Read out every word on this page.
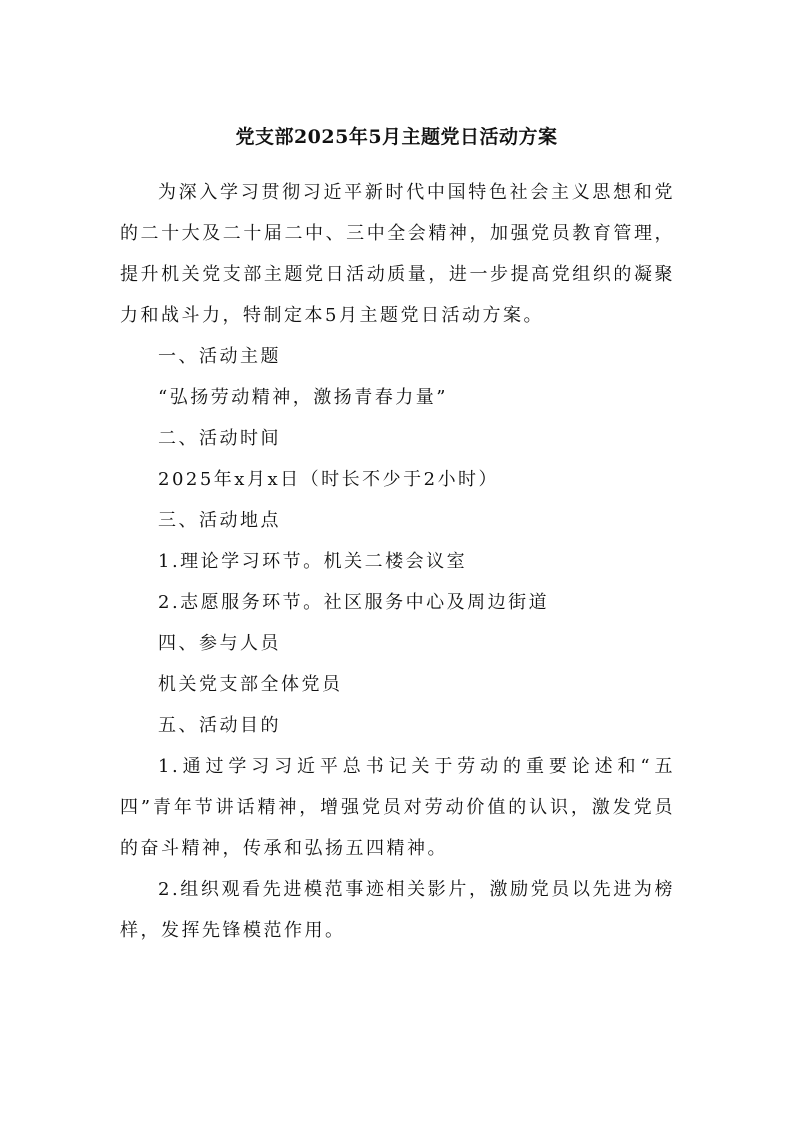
党支部2025年5月主题党日活动方案

为深入学习贯彻习近平新时代中国特色社会主义思想和党的二十大及二十届二中、三中全会精神，加强党员教育管理，提升机关党支部主题党日活动质量，进一步提高党组织的凝聚力和战斗力，特制定本5月主题党日活动方案。

一、活动主题

“弘扬劳动精神，激扬青春力量”

二、活动时间

2025年x月x日（时长不少于2小时）

三、活动地点

1.理论学习环节。机关二楼会议室

2.志愿服务环节。社区服务中心及周边街道

四、参与人员

机关党支部全体党员

五、活动目的

1.通过学习习近平总书记关于劳动的重要论述和“五四”青年节讲话精神，增强党员对劳动价值的认识，激发党员的奋斗精神，传承和弘扬五四精神。

2.组织观看先进模范事迹相关影片，激励党员以先进为榜样，发挥先锋模范作用。
